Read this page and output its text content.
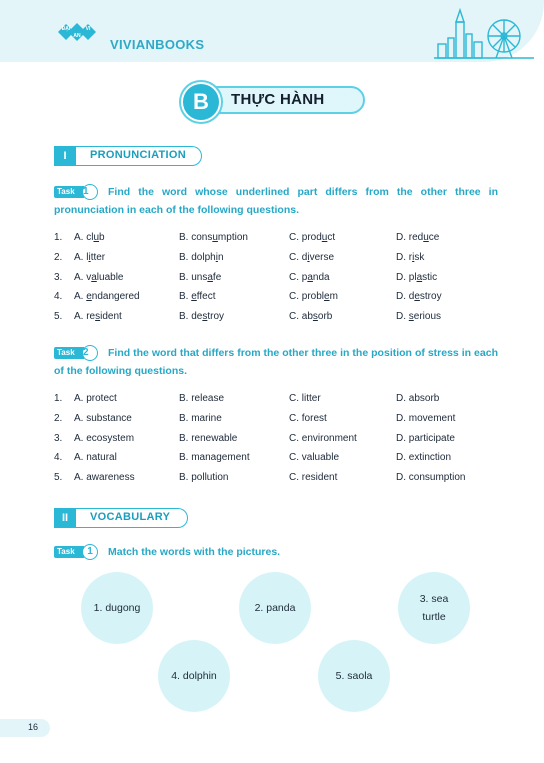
ĐẠI	VI
AN
VIVIANBOOKS
B	THỰC HÀNH
I	PRONUNCIATION
Task 1	Find the word whose underlined part differs from the other three in
pronunciation in each of the following questions.
1. A. club	B. consumption	C. product	D. reduce
2. A. litter	B. dolphin	C. diverse	D. risk
3. A. valuable	B. unsafe	C. panda	D. plastic
4. A. endangered	B. effect	C. problem	D. destroy
5. A. resident	B. destroy	C. absorb	D. serious
Task 2	Find the word that differs from the other three in the position of stress in each
of the following questions.
1. A. protect	B. release	C. litter	D. absorb
2. A. substance	B. marine	C. forest	D. movement
3. A. ecosystem	B. renewable	C. environment	D. participate
4. A. natural	B. management	C. valuable	D. extinction
5. A. awareness	B. pollution	C. resident	D. consumption
II	VOCABULARY
Task	1	Match the words with the pictures.
1. dugong	2. panda
3. sea turtle
4. dolphin	5. saola
16
